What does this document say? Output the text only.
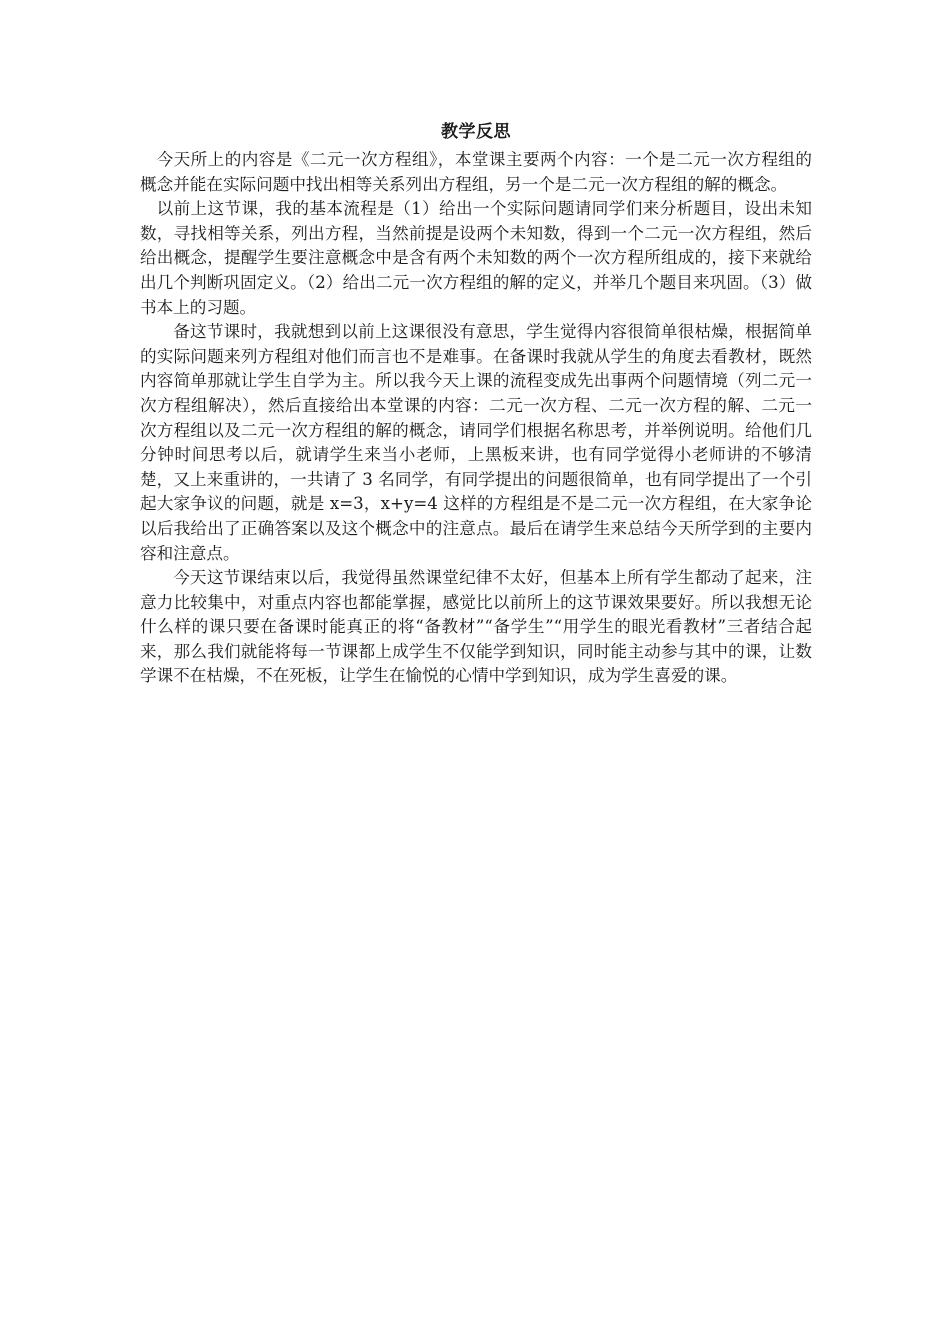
教学反思

今天所上的内容是《二元一次方程组》，本堂课主要两个内容：一个是二元一次方程组的概念并能在实际问题中找出相等关系列出方程组，另一个是二元一次方程组的解的概念。

以前上这节课，我的基本流程是（1）给出一个实际问题请同学们来分析题目，设出未知数，寻找相等关系，列出方程，当然前提是设两个未知数，得到一个二元一次方程组，然后给出概念，提醒学生要注意概念中是含有两个未知数的两个一次方程所组成的，接下来就给出几个判断巩固定义。（2）给出二元一次方程组的解的定义，并举几个题目来巩固。（3）做书本上的习题。

备这节课时，我就想到以前上这课很没有意思，学生觉得内容很简单很枯燥，根据简单的实际问题来列方程组对他们而言也不是难事。在备课时我就从学生的角度去看教材，既然内容简单那就让学生自学为主。所以我今天上课的流程变成先出事两个问题情境（列二元一次方程组解决），然后直接给出本堂课的内容：二元一次方程、二元一次方程的解、二元一次方程组以及二元一次方程组的解的概念，请同学们根据名称思考，并举例说明。给他们几分钟时间思考以后，就请学生来当小老师，上黑板来讲，也有同学觉得小老师讲的不够清楚，又上来重讲的，一共请了 3 名同学，有同学提出的问题很简单，也有同学提出了一个引起大家争议的问题，就是 x=3，x+y=4 这样的方程组是不是二元一次方程组，在大家争论以后我给出了正确答案以及这个概念中的注意点。最后在请学生来总结今天所学到的主要内容和注意点。

今天这节课结束以后，我觉得虽然课堂纪律不太好，但基本上所有学生都动了起来，注意力比较集中，对重点内容也都能掌握，感觉比以前所上的这节课效果要好。所以我想无论什么样的课只要在备课时能真正的将“备教材”“备学生”“用学生的眼光看教材”三者结合起来，那么我们就能将每一节课都上成学生不仅能学到知识，同时能主动参与其中的课，让数学课不在枯燥，不在死板，让学生在愉悦的心情中学到知识，成为学生喜爱的课。
